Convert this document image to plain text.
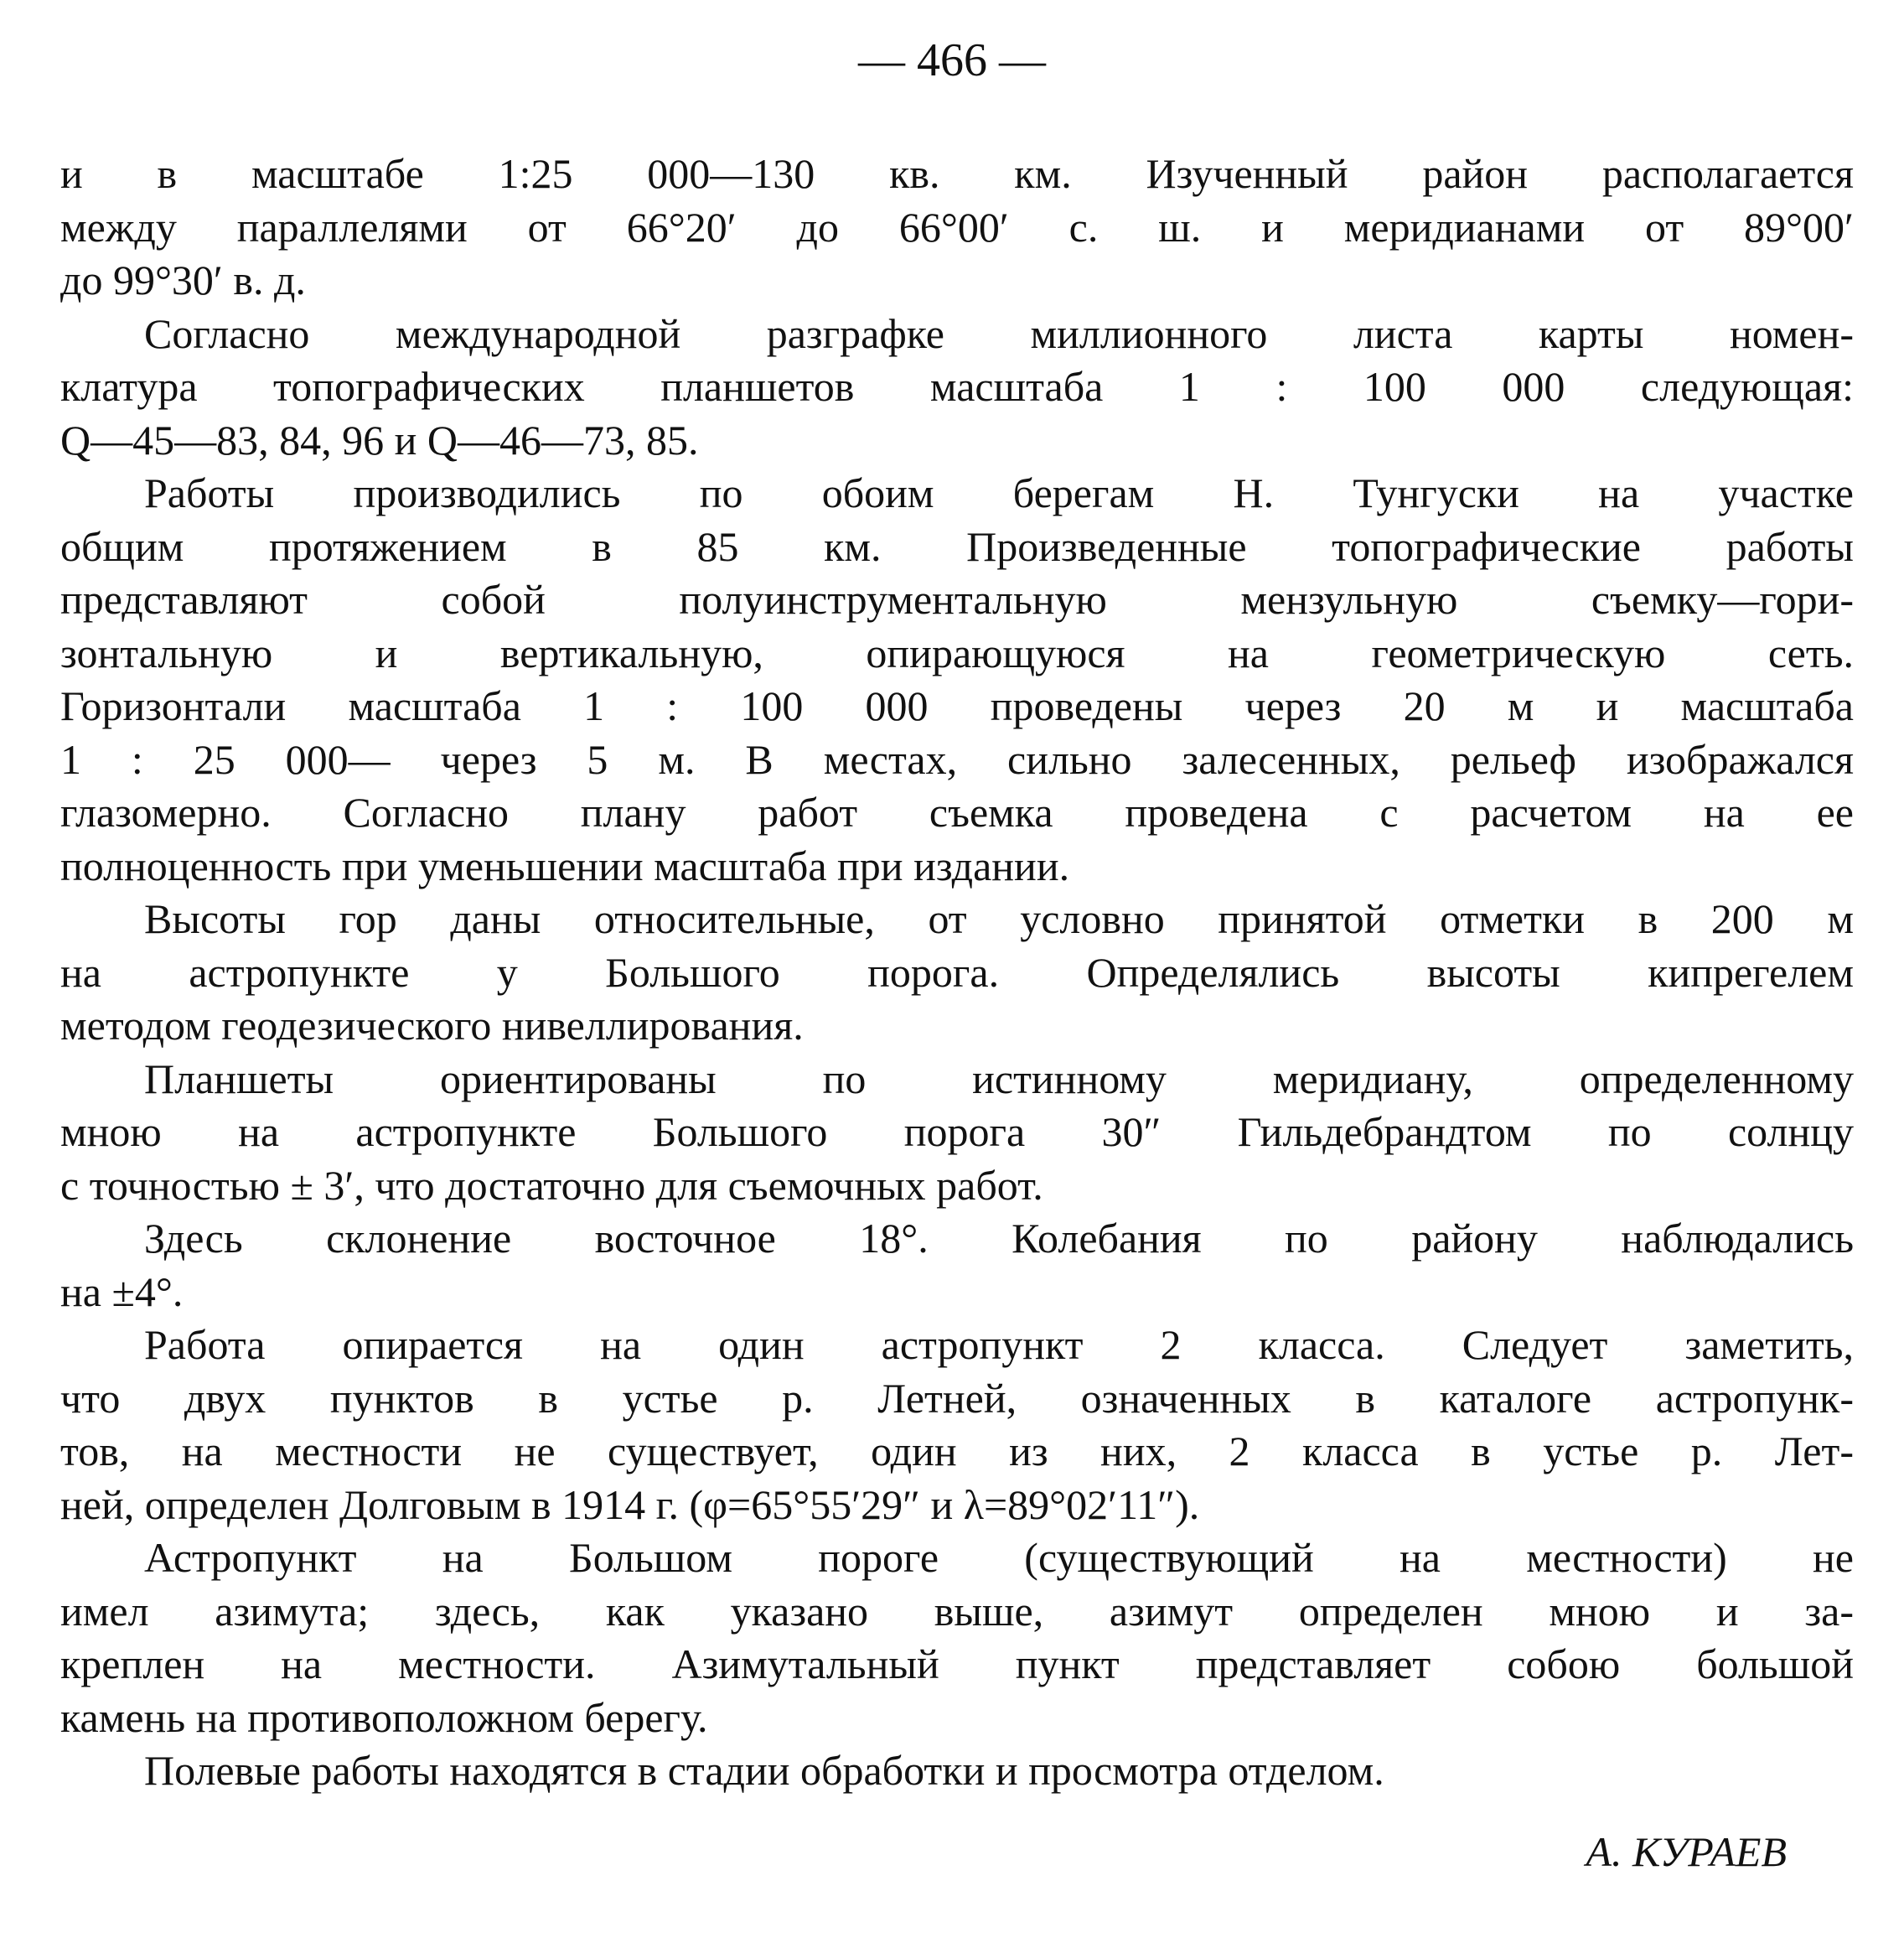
— 466 —
и в масштабе 1:25 000—130 кв. км. Изученный район располагается
между параллелями от 66°20′ до 66°00′ с. ш. и меридианами от 89°00′
до 99°30′ в. д.
Согласно международной разграфке миллионного листа карты номен-
клатура топографических планшетов масштаба 1 : 100 000 следующая:
Q—45—83, 84, 96 и Q—46—73, 85.
Работы производились по обоим берегам Н. Тунгуски на участке
общим протяжением в 85 км. Произведенные топографические работы
представляют собой полуинструментальную мензульную съемку—гори-
зонтальную и вертикальную, опирающуюся на геометрическую сеть.
Горизонтали масштаба 1 : 100 000 проведены через 20 м и масштаба
1 : 25 000— через 5 м. В местах, сильно залесенных, рельеф изображался
глазомерно. Согласно плану работ съемка проведена с расчетом на ее
полноценность при уменьшении масштаба при издании.
Высоты гор даны относительные, от условно принятой отметки в 200 м
на астропункте у Большого порога. Определялись высоты кипрегелем
методом геодезического нивеллирования.
Планшеты ориентированы по истинному меридиану, определенному
мною на астропункте Большого порога 30″ Гильдебрандтом по солнцу
с точностью ± 3′, что достаточно для съемочных работ.
Здесь склонение восточное 18°. Колебания по району наблюдались
на ±4°.
Работа опирается на один астропункт 2 класса. Следует заметить,
что двух пунктов в устье р. Летней, означенных в каталоге астропунк-
тов, на местности не существует, один из них, 2 класса в устье р. Лет-
ней, определен Долговым в 1914 г. (φ=65°55′29″ и λ=89°02′11″).
Астропункт на Большом пороге (существующий на местности) не
имел азимута; здесь, как указано выше, азимут определен мною и за-
креплен на местности. Азимутальный пункт представляет собою большой
камень на противоположном берегу.
Полевые работы находятся в стадии обработки и просмотра отделом.
А. КУРАЕВ
